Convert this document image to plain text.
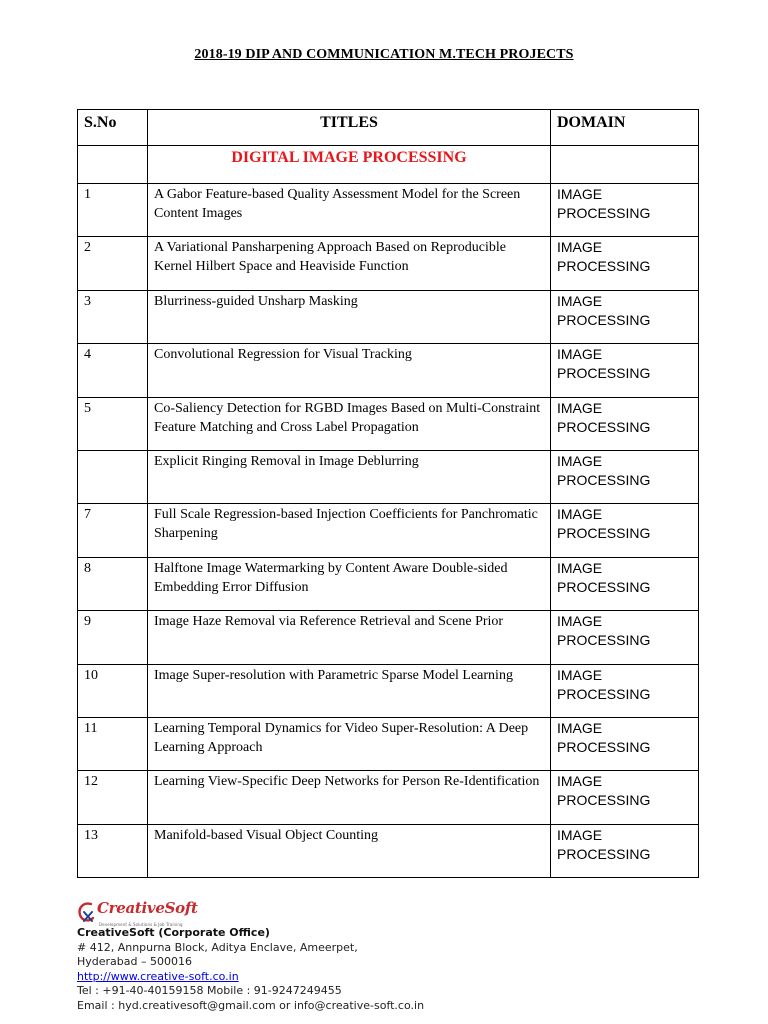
2018-19 DIP AND COMMUNICATION M.TECH PROJECTS
S.No	TITLES	DOMAIN
	DIGITAL IMAGE PROCESSING	
1	A Gabor Feature-based Quality Assessment Model for the Screen Content Images	IMAGE PROCESSING
2	A Variational Pansharpening Approach Based on Reproducible Kernel Hilbert Space and Heaviside Function	IMAGE PROCESSING
3	Blurriness-guided Unsharp Masking	IMAGE PROCESSING
4	Convolutional Regression for Visual Tracking	IMAGE PROCESSING
5	Co-Saliency Detection for RGBD Images Based on Multi-Constraint Feature Matching and Cross Label Propagation	IMAGE PROCESSING
	Explicit Ringing Removal in Image Deblurring	IMAGE PROCESSING
7	Full Scale Regression-based Injection Coefficients for Panchromatic Sharpening	IMAGE PROCESSING
8	Halftone Image Watermarking by Content Aware Double-sided Embedding Error Diffusion	IMAGE PROCESSING
9	Image Haze Removal via Reference Retrieval and Scene Prior	IMAGE PROCESSING
10	Image Super-resolution with Parametric Sparse Model Learning	IMAGE PROCESSING
11	Learning Temporal Dynamics for Video Super-Resolution: A Deep Learning Approach	IMAGE PROCESSING
12	Learning View-Specific Deep Networks for Person Re-Identification	IMAGE PROCESSING
13	Manifold-based Visual Object Counting	IMAGE PROCESSING
CreativeSoft
Development & Solutions & Job Training
CreativeSoft (Corporate Office)
# 412, Annpurna Block, Aditya Enclave, Ameerpet,
Hyderabad – 500016
http://www.creative-soft.co.in
Tel : +91-40-40159158 Mobile : 91-9247249455
Email : hyd.creativesoft@gmail.com or info@creative-soft.co.in
